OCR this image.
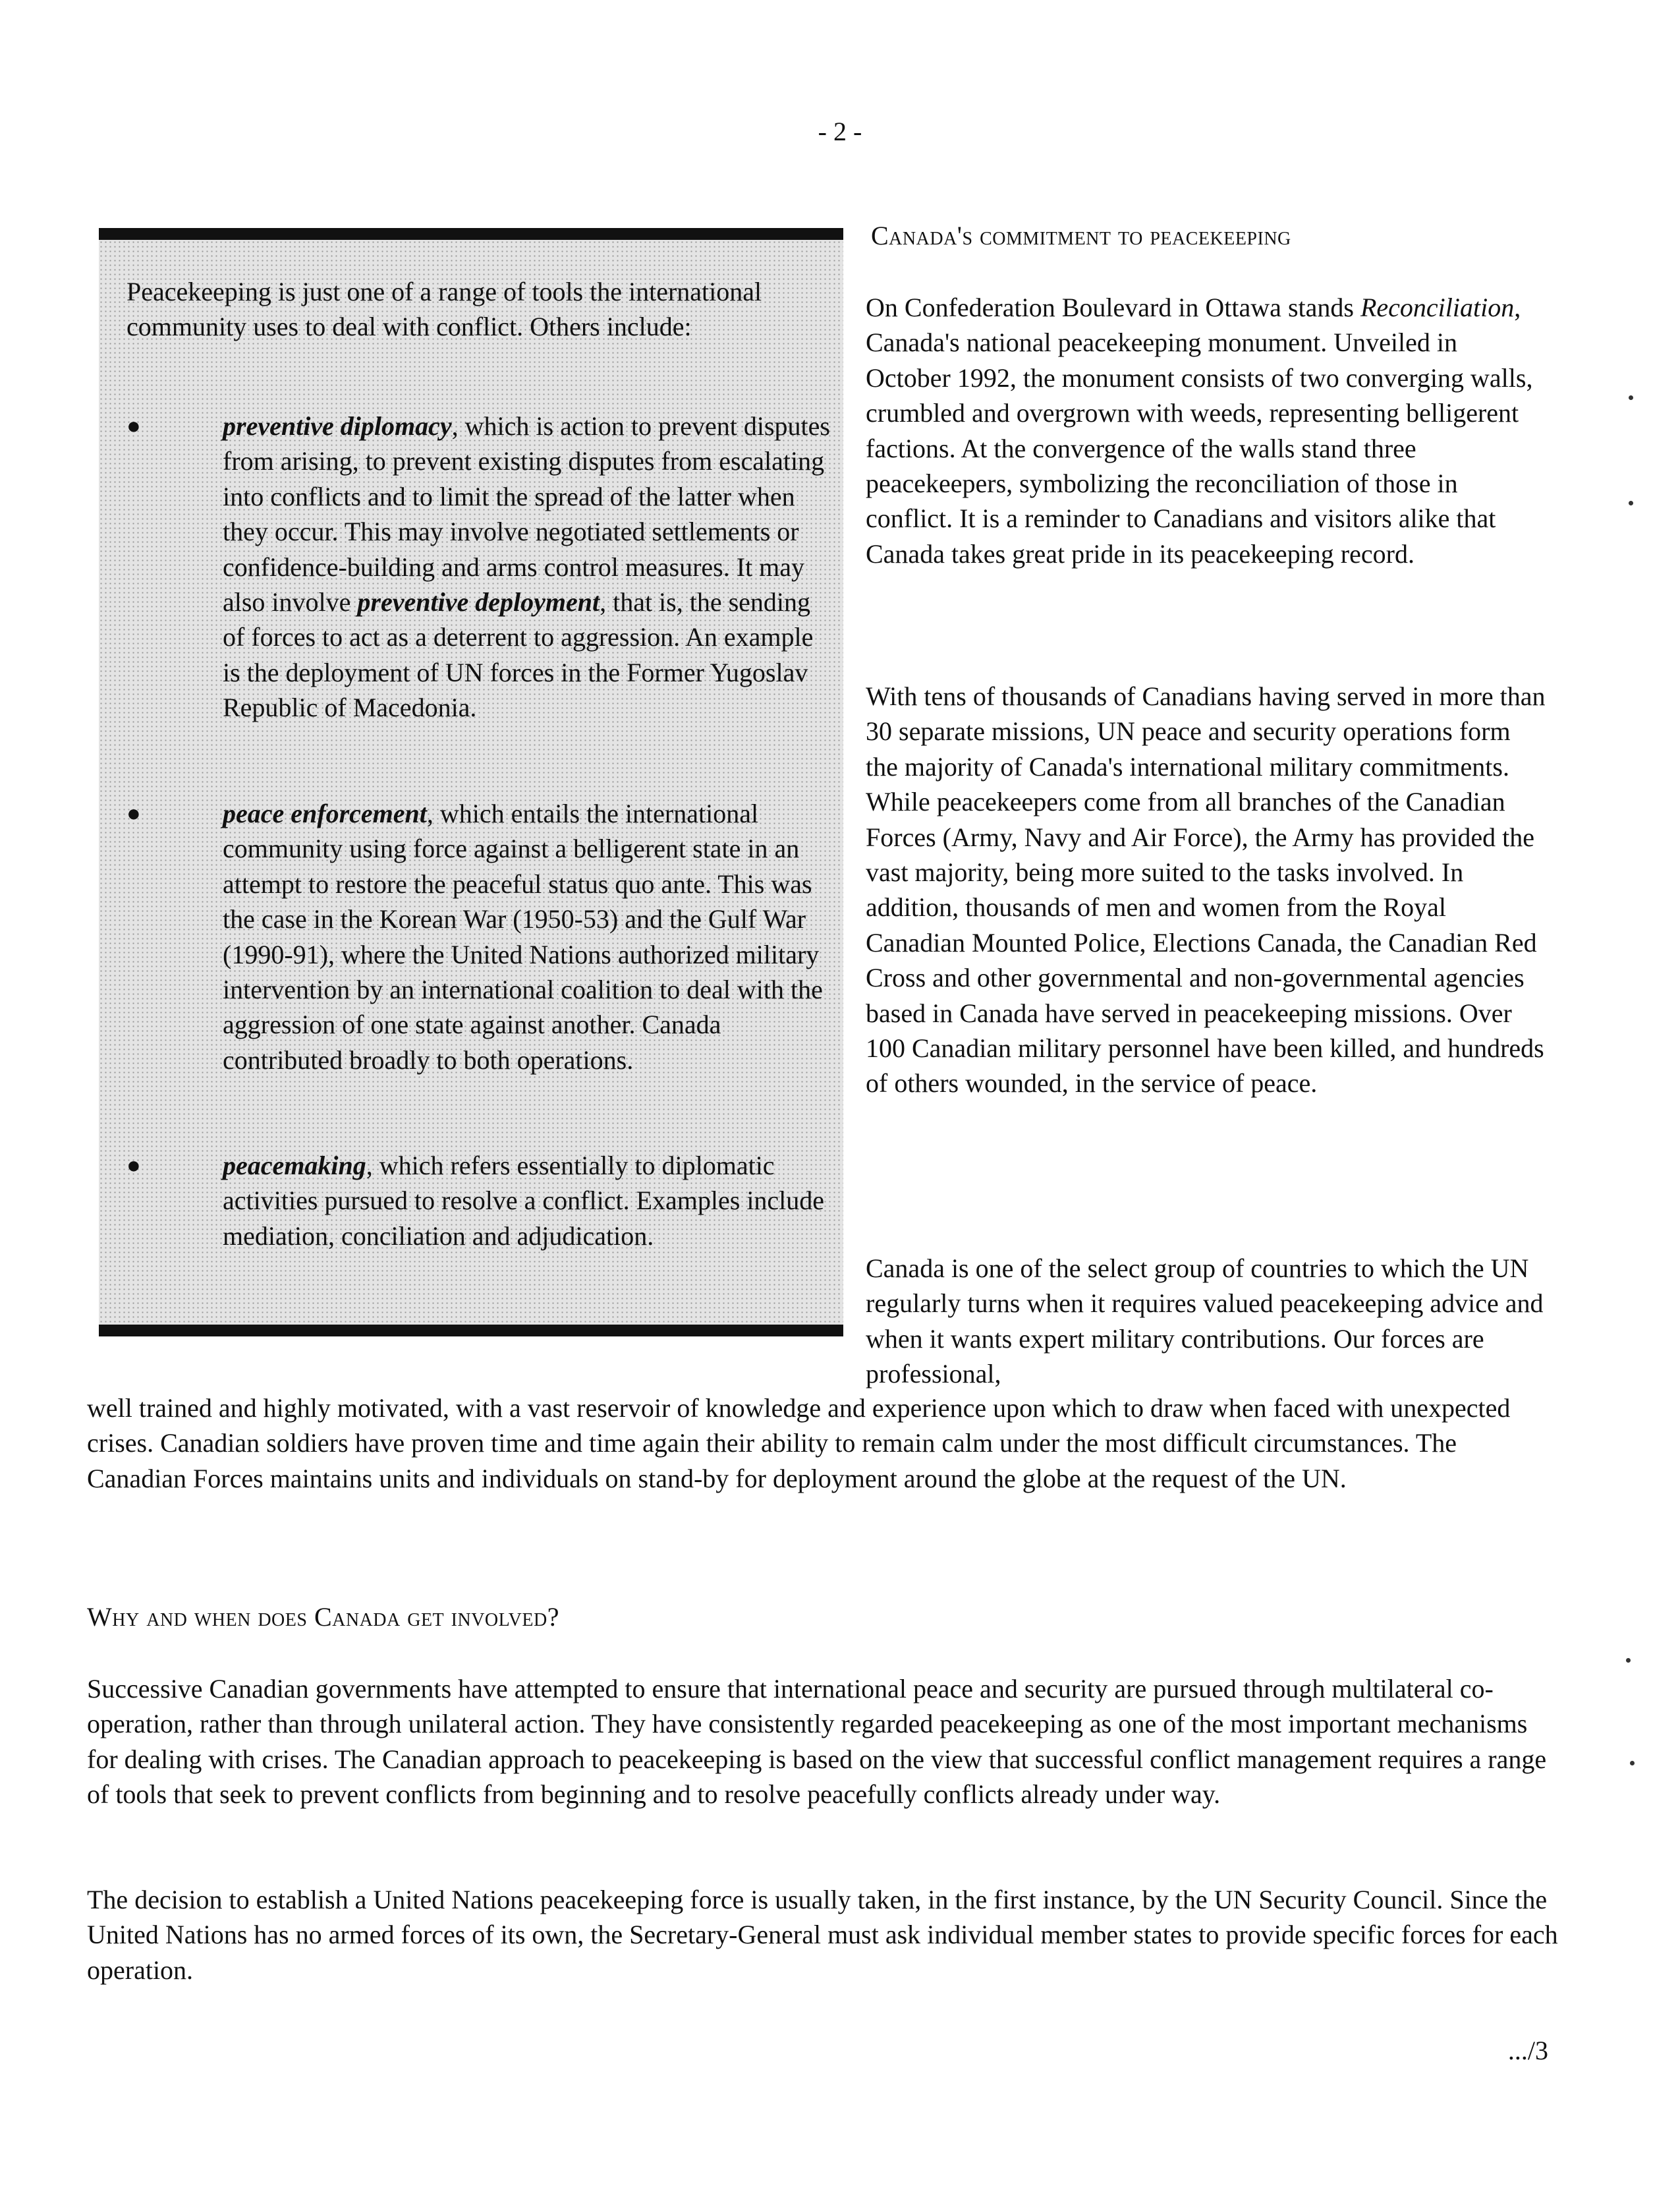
- 2 -
Peacekeeping is just one of a range of tools the international community uses to deal with conflict. Others include:
●	preventive diplomacy, which is action to prevent disputes from arising, to prevent existing disputes from escalating into conflicts and to limit the spread of the latter when they occur. This may involve negotiated settlements or confidence-building and arms control measures. It may also involve preventive deployment, that is, the sending of forces to act as a deterrent to aggression. An example is the deployment of UN forces in the Former Yugoslav Republic of Macedonia.
●	peace enforcement, which entails the international community using force against a belligerent state in an attempt to restore the peaceful status quo ante. This was the case in the Korean War (1950-53) and the Gulf War (1990-91), where the United Nations authorized military intervention by an international coalition to deal with the aggression of one state against another. Canada contributed broadly to both operations.
●	peacemaking, which refers essentially to diplomatic activities pursued to resolve a conflict. Examples include mediation, conciliation and adjudication.
Canada's commitment to peacekeeping
On Confederation Boulevard in Ottawa stands Reconciliation, Canada's national peacekeeping monument. Unveiled in October 1992, the monument consists of two converging walls, crumbled and overgrown with weeds, representing belligerent factions. At the convergence of the walls stand three peacekeepers, symbolizing the reconciliation of those in conflict. It is a reminder to Canadians and visitors alike that Canada takes great pride in its peacekeeping record.
With tens of thousands of Canadians having served in more than 30 separate missions, UN peace and security operations form the majority of Canada's international military commitments. While peacekeepers come from all branches of the Canadian Forces (Army, Navy and Air Force), the Army has provided the vast majority, being more suited to the tasks involved. In addition, thousands of men and women from the Royal Canadian Mounted Police, Elections Canada, the Canadian Red Cross and other governmental and non-governmental agencies based in Canada have served in peacekeeping missions. Over 100 Canadian military personnel have been killed, and hundreds of others wounded, in the service of peace.
Canada is one of the select group of countries to which the UN regularly turns when it requires valued peacekeeping advice and when it wants expert military contributions. Our forces are professional,
well trained and highly motivated, with a vast reservoir of knowledge and experience upon which to draw when faced with unexpected crises. Canadian soldiers have proven time and time again their ability to remain calm under the most difficult circumstances. The Canadian Forces maintains units and individuals on stand-by for deployment around the globe at the request of the UN.
Why and when does Canada get involved?
Successive Canadian governments have attempted to ensure that international peace and security are pursued through multilateral co-operation, rather than through unilateral action. They have consistently regarded peacekeeping as one of the most important mechanisms for dealing with crises. The Canadian approach to peacekeeping is based on the view that successful conflict management requires a range of tools that seek to prevent conflicts from beginning and to resolve peacefully conflicts already under way.
The decision to establish a United Nations peacekeeping force is usually taken, in the first instance, by the UN Security Council. Since the United Nations has no armed forces of its own, the Secretary-General must ask individual member states to provide specific forces for each operation.
.../3
